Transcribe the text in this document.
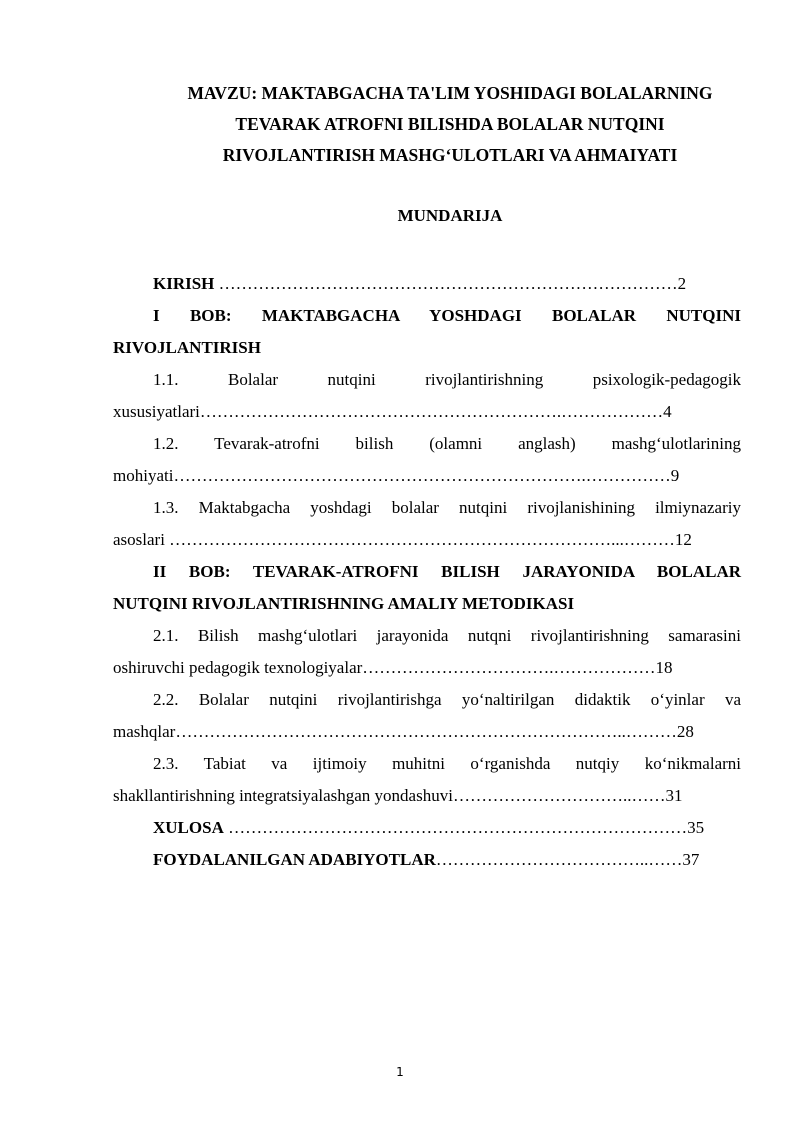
MAVZU: MAKTABGACHA TA'LIM YOSHIDAGI BOLALARNING
TEVARAK ATROFNI BILISHDA BOLALAR NUTQINI
RIVOJLANTIRISH MASHG‘ULOTLARI VA AHMAIYATI
MUNDARIJA
KIRISH ………………………………………………………………………2
I BOB: MAKTABGACHA YOSHDAGI BOLALAR NUTQINI
RIVOJLANTIRISH
1.1. Bolalar nutqini rivojlantirishning psixologik-pedagogik
xususiyatlari……………………………………………………….………………4
1.2. Tevarak-atrofni bilish (olamni anglash) mashg‘ulotlarining
mohiyati……………………………………………………………….……………9
1.3. Maktabgacha yoshdagi bolalar nutqini rivojlanishining ilmiynazariy
asoslari ……………………………………………………………………...………12
II BOB: TEVARAK-ATROFNI BILISH JARAYONIDA BOLALAR
NUTQINI RIVOJLANTIRISHNING AMALIY METODIKASI
2.1. Bilish mashg‘ulotlari jarayonida nutqni rivojlantirishning samarasini
oshiruvchi pedagogik texnologiyalar…………………………….………………18
2.2. Bolalar nutqini rivojlantirishga yo‘naltirilgan didaktik o‘yinlar va
mashqlar……………………………………………………………………..………28
2.3. Tabiat va ijtimoiy muhitni o‘rganishda nutqiy ko‘nikmalarni
shakllantirishning integratsiyalashgan yondashuvi…………………………..……31
XULOSA ………………………………………………………………………35
FOYDALANILGAN ADABIYOTLAR………………………………..……37
1
